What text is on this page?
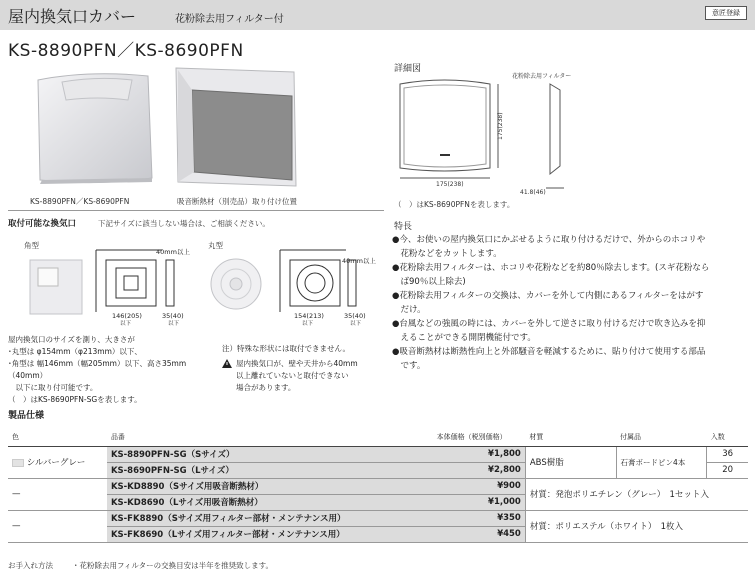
屋内換気口カバー	花粉除去用フィルター付
意匠登録
KS-8890PFN／KS-8690PFN
KS-8890PFN／KS-8690PFN	吸音断熱材（別売品）取り付け位置
詳細図
175(238)
175(238)
41.8(46)
花粉除去用フィルター
（　）はKS-8690PFNを表します。
取付可能な換気口	下記サイズに該当しない場合は、ご相談ください。
角型	丸型
40mm以上
146(205)
以下
35(40)
以下
40mm以上
154(213)
以下
35(40)
以下
屋内換気口のサイズを測り、大きさが
･丸型は φ154mm（φ213mm）以下、
･角型は 幅146mm（幅205mm）以下、高さ35mm（40mm）
　以下に取り付可能です。
（　）はKS-8690PFN-SGを表します。
注）特殊な形状には取付できません。
屋内換気口が、壁や天井から40mm
以上離れていないと取付できない
場合があります。
特長
●今、お使いの屋内換気口にかぶせるように取り付けるだけで、外からのホコリや
　花粉などをカットします。
●花粉除去用フィルターは、ホコリや花粉などを約80％除去します。(スギ花粉なら
　ば90％以上除去)
●花粉除去用フィルターの交換は、カバーを外して内側にあるフィルターをはがす
　だけ。
●台風などの強風の時には、カバーを外して逆さに取り付けるだけで吹き込みを抑
　えることができる開閉機能付です。
●吸音断熱材は断熱性向上と外部騒音を軽減するために、貼り付けて使用する部品
　です。
製品仕様
色	品番	本体価格（税別価格）	材質	付属品	入数
シルバーグレー	KS-8890PFN-SG（Sサイズ）	¥1,800	ABS樹脂	石膏ボードピン4本	36
	KS-8690PFN-SG（Lサイズ）	¥2,800			20
—	KS-KD8890（Sサイズ用吸音断熱材）	¥900	材質：発泡ポリエチレン（グレー）　1セット入		
	KS-KD8690（Lサイズ用吸音断熱材）	¥1,000			
—	KS-FK8890（Sサイズ用フィルター部材・メンテナンス用）	¥350	材質：ポリエステル（ホワイト）　1枚入		
	KS-FK8690（Lサイズ用フィルター部材・メンテナンス用）	¥450			
お手入れ方法	・花粉除去用フィルターの交換目安は半年を推奨致します。
